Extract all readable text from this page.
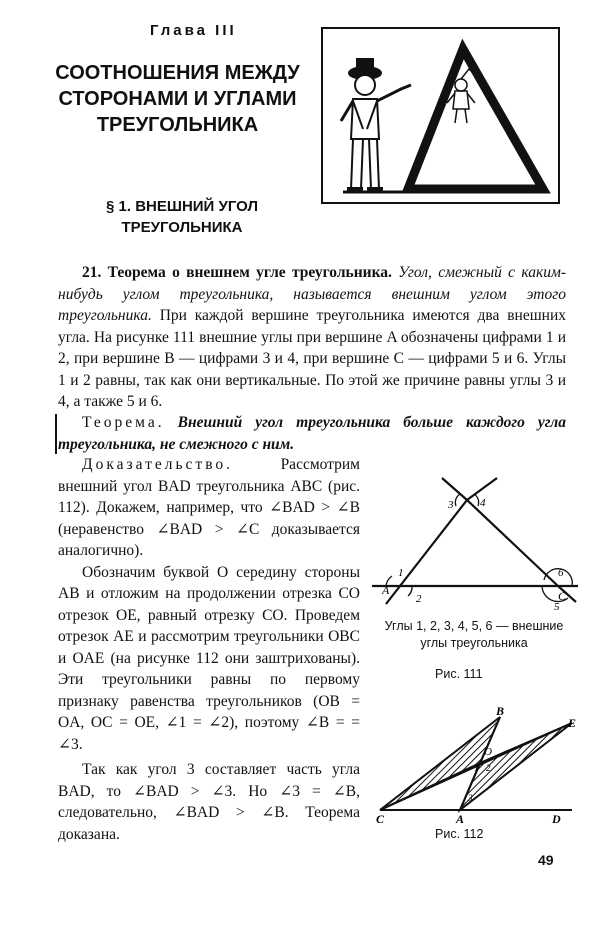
Глава III
СООТНОШЕНИЯ МЕЖДУ СТОРОНАМИ И УГЛАМИ ТРЕУГОЛЬНИКА
§ 1. ВНЕШНИЙ УГОЛ ТРЕУГОЛЬНИКА
21. Теорема о внешнем угле треугольника. Угол, смежный с каким-нибудь углом треугольника, называется внешним углом этого треугольника. При каждой вершине треугольника имеются два внешних угла. На рисунке 111 внешние углы при вершине A обозначены цифрами 1 и 2, при вершине B — цифрами 3 и 4, при вершине C — цифрами 5 и 6. Углы 1 и 2 равны, так как они вертикальные. По этой же причине равны углы 3 и 4, а также 5 и 6.
Теорема. Внешний угол треугольника больше каждого угла треугольника, не смежного с ним.

Доказательство.	Рассмотрим внешний угол BAD треугольника ABC (рис. 112). Докажем, например, что ∠BAD > ∠B (неравенство ∠BAD > ∠C доказывается аналогично).

Обозначим буквой O середину стороны AB и отложим на продолжении отрезка CO отрезок OE, равный отрезку CO. Проведем отрезок AE и рассмотрим треугольники OBC и OAE (на рисунке 112 они заштрихованы). Эти треугольники равны по первому признаку равенства треугольников (OB = OA, OC = OE, ∠1 = ∠2), поэтому ∠B = = ∠3.

Так как угол 3 составляет часть угла BAD, то ∠BAD > ∠3. Но ∠3 = ∠B, следовательно, ∠BAD > ∠B. Теорема доказана.

A	C
1
2
3 4
6
5
Углы 1, 2, 3, 4, 5, 6 — внешние углы треугольника
Рис. 111
B
E
O
C	A	D
1 2
3
Рис. 112
49
